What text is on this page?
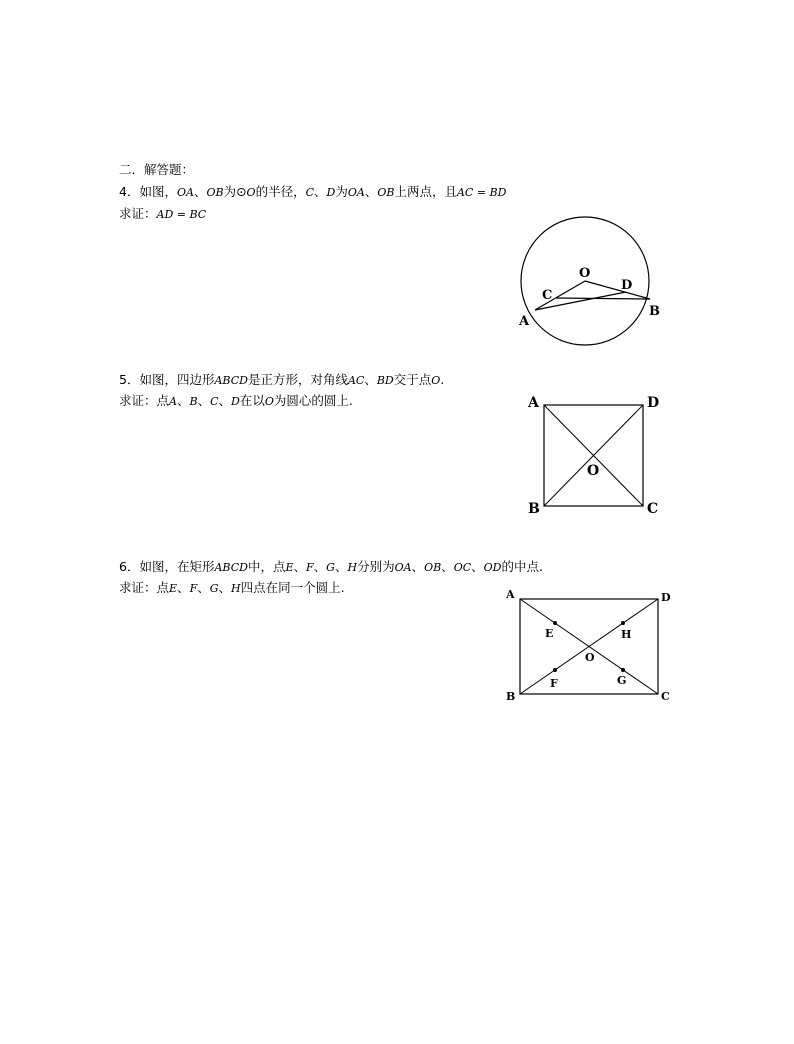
二．解答题：
4．如图，OA、OB为⊙O的半径，C、D为OA、OB上两点，且AC = BD
求证：AD = BC
O
C
D
A
B
5．如图，四边形ABCD是正方形，对角线AC、BD交于点O.
求证：点A、B、C、D在以O为圆心的圆上.	A	D
B	C
O
6．如图，在矩形ABCD中，点E、F、G、H分别为OA、OB、OC、OD的中点.
求证：点E、F、G、H四点在同一个圆上.	A	D
B	C
O
E	H
F	G
